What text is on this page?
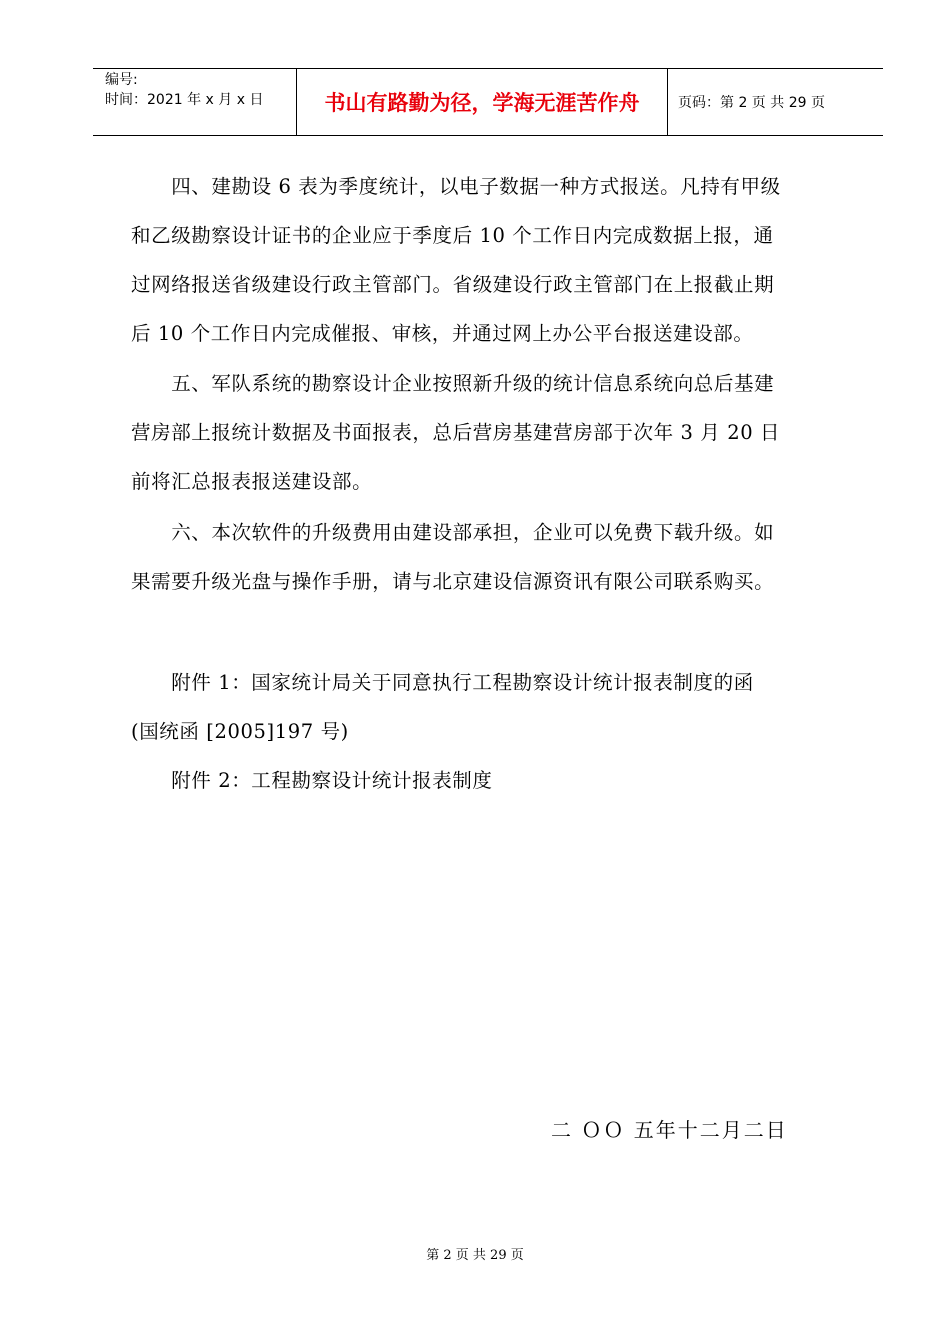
编号:
时间：2021 年 x 月 x 日	书山有路勤为径，学海无涯苦作舟	页码：第 2 页 共 29 页
　　四、建勘设 6 表为季度统计，以电子数据一种方式报送。凡持有甲级
和乙级勘察设计证书的企业应于季度后 10 个工作日内完成数据上报，通
过网络报送省级建设行政主管部门。省级建设行政主管部门在上报截止期
后 10 个工作日内完成催报、审核，并通过网上办公平台报送建设部。
　　五、军队系统的勘察设计企业按照新升级的统计信息系统向总后基建
营房部上报统计数据及书面报表，总后营房基建营房部于次年 3 月 20 日
前将汇总报表报送建设部。
　　六、本次软件的升级费用由建设部承担，企业可以免费下载升级。如
果需要升级光盘与操作手册，请与北京建设信源资讯有限公司联系购买。
　　附件 1：国家统计局关于同意执行工程勘察设计统计报表制度的函
(国统函 [2005]197 号)
　　附件 2：工程勘察设计统计报表制度
二 ＯＯ 五年十二月二日
第 2 页 共 29 页
